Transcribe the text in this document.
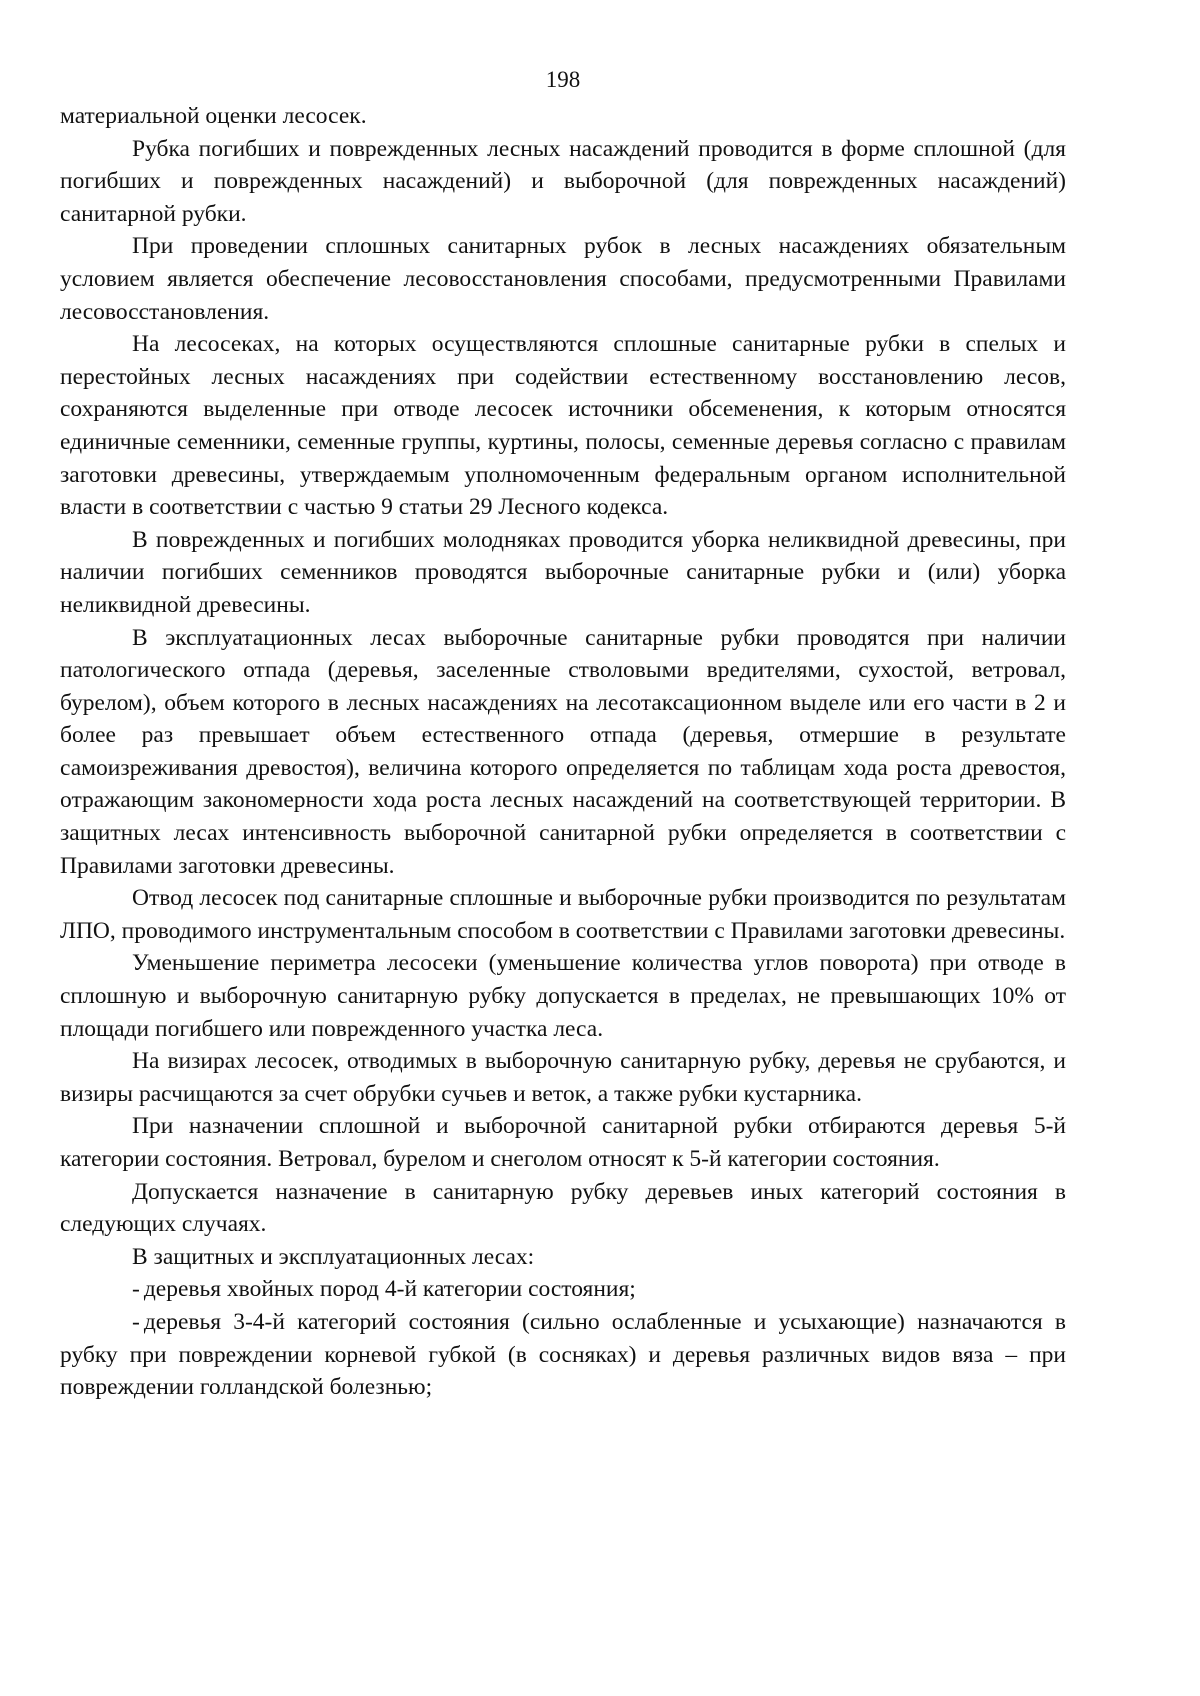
198

материальной оценки лесосек.

Рубка погибших и поврежденных лесных насаждений проводится в форме сплошной (для погибших и поврежденных насаждений) и выборочной (для поврежденных насаждений) санитарной рубки.

При проведении сплошных санитарных рубок в лесных насаждениях обязательным условием является обеспечение лесовосстановления способами, предусмотренными Правилами лесовосстановления.

На лесосеках, на которых осуществляются сплошные санитарные рубки в спелых и перестойных лесных насаждениях при содействии естественному восстановлению лесов, сохраняются выделенные при отводе лесосек источники обсеменения, к которым относятся единичные семенники, семенные группы, куртины, полосы, семенные деревья согласно с правилам заготовки древесины, утверждаемым уполномоченным федеральным органом исполнительной власти в соответствии с частью 9 статьи 29 Лесного кодекса.

В поврежденных и погибших молодняках проводится уборка неликвидной древесины, при наличии погибших семенников проводятся выборочные санитарные рубки и (или) уборка неликвидной древесины.

В эксплуатационных лесах выборочные санитарные рубки проводятся при наличии патологического отпада (деревья, заселенные стволовыми вредителями, сухостой, ветровал, бурелом), объем которого в лесных насаждениях на лесотаксационном выделе или его части в 2 и более раз превышает объем естественного отпада (деревья, отмершие в результате самоизреживания древостоя), величина которого определяется по таблицам хода роста древостоя, отражающим закономерности хода роста лесных насаждений на соответствующей территории. В защитных лесах интенсивность выборочной санитарной рубки определяется в соответствии с Правилами заготовки древесины.

Отвод лесосек под санитарные сплошные и выборочные рубки производится по результатам ЛПО, проводимого инструментальным способом в соответствии с Правилами заготовки древесины.

Уменьшение периметра лесосеки (уменьшение количества углов поворота) при отводе в сплошную и выборочную санитарную рубку допускается в пределах, не превышающих 10% от площади погибшего или поврежденного участка леса.

На визирах лесосек, отводимых в выборочную санитарную рубку, деревья не срубаются, и визиры расчищаются за счет обрубки сучьев и веток, а также рубки кустарника.

При назначении сплошной и выборочной санитарной рубки отбираются деревья 5-й категории состояния. Ветровал, бурелом и снеголом относят к 5-й категории состояния.

Допускается назначение в санитарную рубку деревьев иных категорий состояния в следующих случаях.

В защитных и эксплуатационных лесах:

- деревья хвойных пород 4-й категории состояния;

- деревья 3-4-й категорий состояния (сильно ослабленные и усыхающие) назначаются в рубку при повреждении корневой губкой (в сосняках) и деревья различных видов вяза – при повреждении голландской болезнью;
